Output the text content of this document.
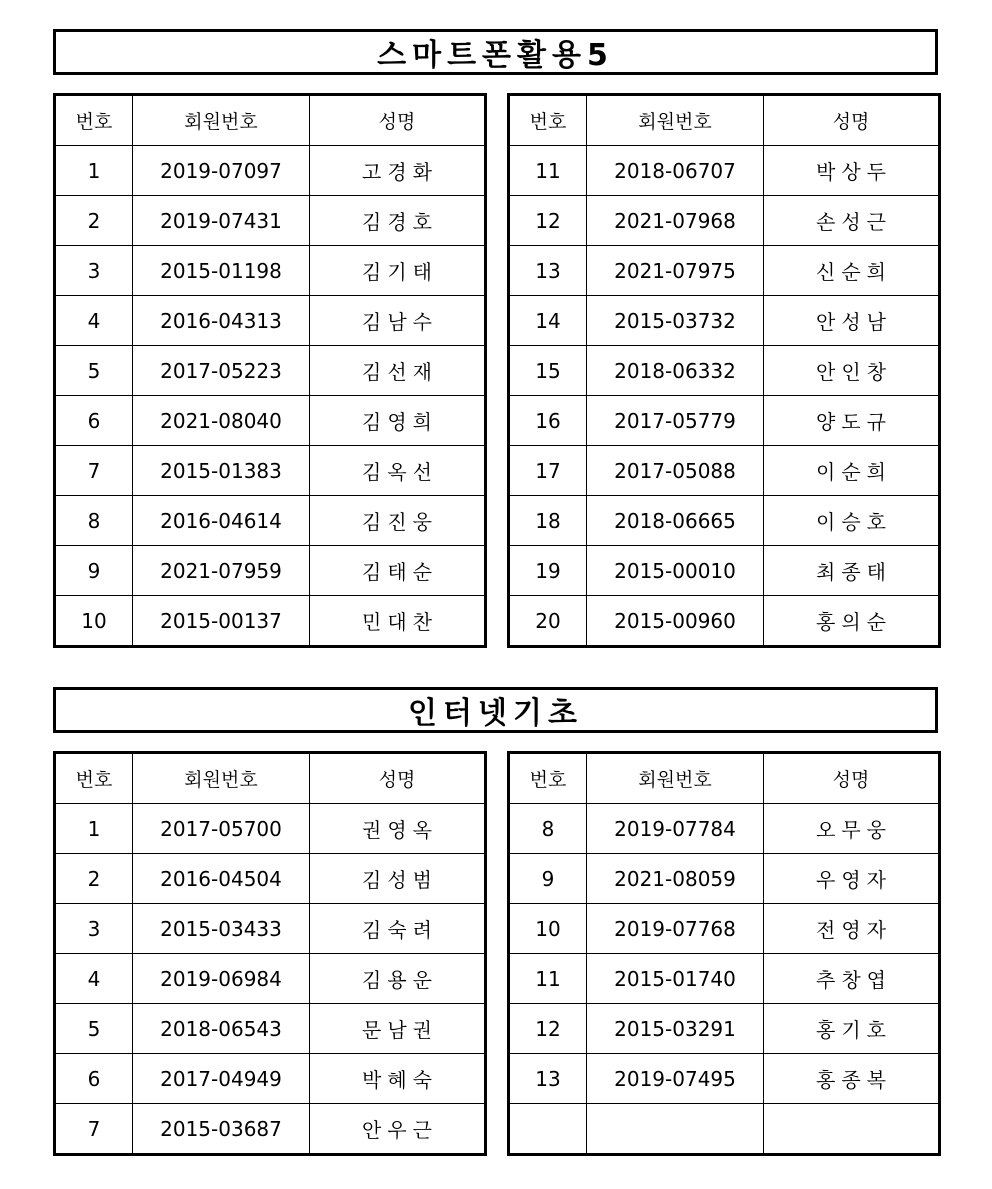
스마트폰활용5
번호	회원번호	성명
1	2019-07097	고경화
2	2019-07431	김경호
3	2015-01198	김기태
4	2016-04313	김남수
5	2017-05223	김선재
6	2021-08040	김영희
7	2015-01383	김옥선
8	2016-04614	김진웅
9	2021-07959	김태순
10	2015-00137	민대찬
번호	회원번호	성명
11	2018-06707	박상두
12	2021-07968	손성근
13	2021-07975	신순희
14	2015-03732	안성남
15	2018-06332	안인창
16	2017-05779	양도규
17	2017-05088	이순희
18	2018-06665	이승호
19	2015-00010	최종태
20	2015-00960	홍의순
인터넷기초
번호	회원번호	성명
1	2017-05700	권영옥
2	2016-04504	김성범
3	2015-03433	김숙려
4	2019-06984	김용운
5	2018-06543	문남권
6	2017-04949	박혜숙
7	2015-03687	안우근
번호	회원번호	성명
8	2019-07784	오무웅
9	2021-08059	우영자
10	2019-07768	전영자
11	2015-01740	추창엽
12	2015-03291	홍기호
13	2019-07495	홍종복
